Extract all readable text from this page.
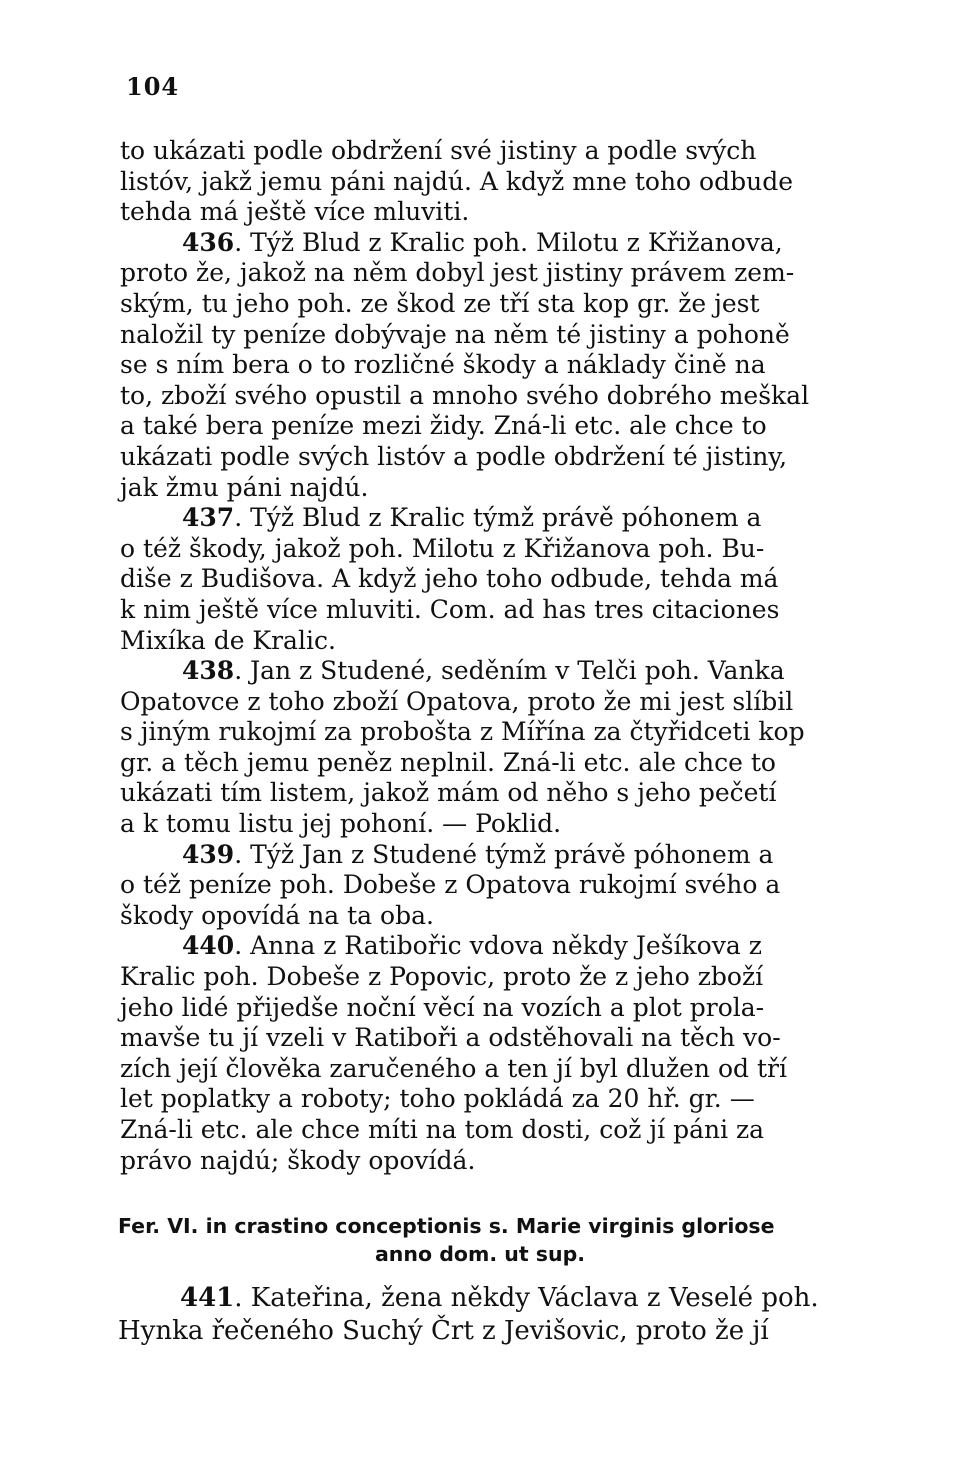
104
to ukázati podle obdržení své jistiny a podle svých
listóv, jakž jemu páni najdú. A když mne toho odbude
tehda má ještě více mluviti.
436. Týž Blud z Kralic poh. Milotu z Křižanova,
proto že, jakož na něm dobyl jest jistiny právem zem-
ským, tu jeho poh. ze škod ze tří sta kop gr. že jest
naložil ty peníze dobývaje na něm té jistiny a pohoně
se s ním bera o to rozličné škody a náklady čině na
to, zboží svého opustil a mnoho svého dobrého meškal
a také bera peníze mezi židy. Zná-li etc. ale chce to
ukázati podle svých listóv a podle obdržení té jistiny,
jak žmu páni najdú.
437. Týž Blud z Kralic týmž právě póhonem a
o též škody, jakož poh. Milotu z Křižanova poh. Bu-
diše z Budišova. A když jeho toho odbude, tehda má
k nim ještě více mluviti. Com. ad has tres citaciones
Mixíka de Kralic.
438. Jan z Studené, seděním v Telči poh. Vanka
Opatovce z toho zboží Opatova, proto že mi jest slíbil
s jiným rukojmí za proboštа z Mířína za čtyřidceti kop
gr. a těch jemu peněz neplnil. Zná-li etc. ale chce to
ukázati tím listem, jakož mám od něho s jeho pečetí
a k tomu listu jej pohoní. — Poklid.
439. Týž Jan z Studené týmž právě póhonem a
o též peníze poh. Dobeše z Opatova rukojmí svého a
škody opovídá na ta oba.
440. Anna z Ratibořic vdova někdy Ješíkova z
Kralic poh. Dobeše z Popovic, proto že z jeho zboží
jeho lidé přijedše noční věcí na vozích a plot prola-
mavše tu jí vzeli v Ratiboři a odstěhovali na těch vo-
zích její člověka zaručeného a ten jí byl dlužen od tří
let poplatky a roboty; toho pokládá za 20 hř. gr. —
Zná-li etc. ale chce míti na tom dosti, což jí páni za
právo najdú; škody opovídá.
Fer. VI. in crastino conceptionis s. Marie virginis gloriose
anno dom. ut sup.
441. Kateřina, žena někdy Václava z Veselé poh.
Hynka řečeného Suchý Črt z Jevišovic, proto že jí
